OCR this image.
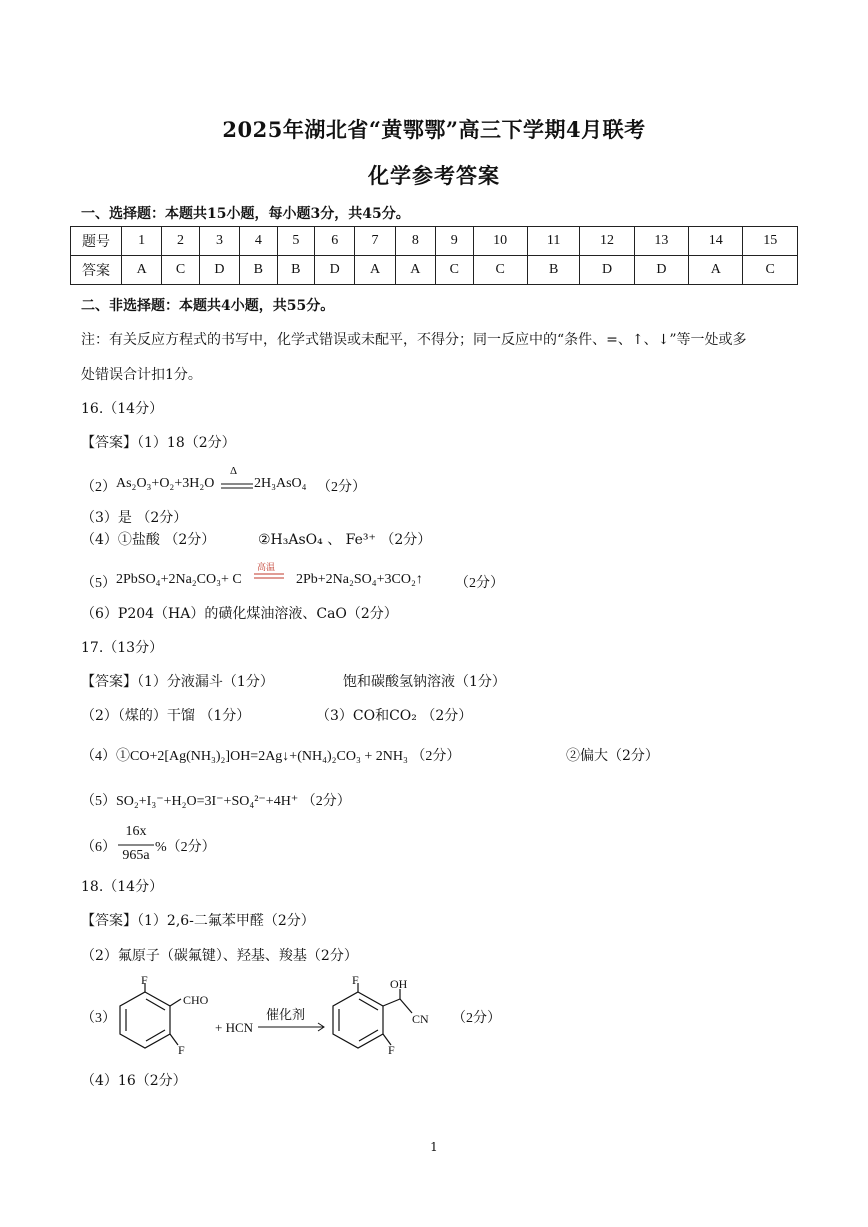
2025年湖北省“黄鄂鄂”高三下学期4月联考
化学参考答案
一、选择题：本题共15小题，每小题3分，共45分。
题号	1	2	3	4	5	6	7	8	9	10	11	12	13	14	15
答案	A	C	D	B	B	D	A	A	C	C	B	D	D	A	C
二、非选择题：本题共4小题，共55分。
注：有关反应方程式的书写中，化学式错误或未配平，不得分；同一反应中的“条件、=、↑、↓”等一处或多
处错误合计扣1分。
16.（14分）
【答案】（1）18（2分）
（2） As₂O₃+O₂+3H₂O
Δ
2H₃AsO₄ （2分）
（3）是 （2分）
（4）①盐酸 （2分）	②H₃AsO₄ 、 Fe³⁺ （2分）
（5） 2PbSO₄+2Na₂CO₃+ C
高温
2Pb+2Na₂SO₄+3CO₂↑ （2分）
（6）P204（HA）的磺化煤油溶液、CaO（2分）
17.（13分）
【答案】（1）分液漏斗（1分）	饱和碳酸氢钠溶液（1分）
（2）（煤的）干馏 （1分）	（3）CO和CO₂ （2分）
（4）①CO+2[Ag(NH₃)₂]OH=2Ag↓+(NH₄)₂CO₃ + 2NH₃ （2分）	②偏大（2分）
（5）SO₂+I₃⁻+H₂O=3I⁻+SO₄²⁻+4H⁺ （2分）
（6）
16x
965a
%（2分）
18.（14分）
【答案】（1）2,6-二氟苯甲醛（2分）
（2）氟原子（碳氟键）、羟基、羧基（2分）
（3）
F
CHO
F
+ HCN
催化剂
F	OH
CN
F
（2分）
（4）16（2分）
1
